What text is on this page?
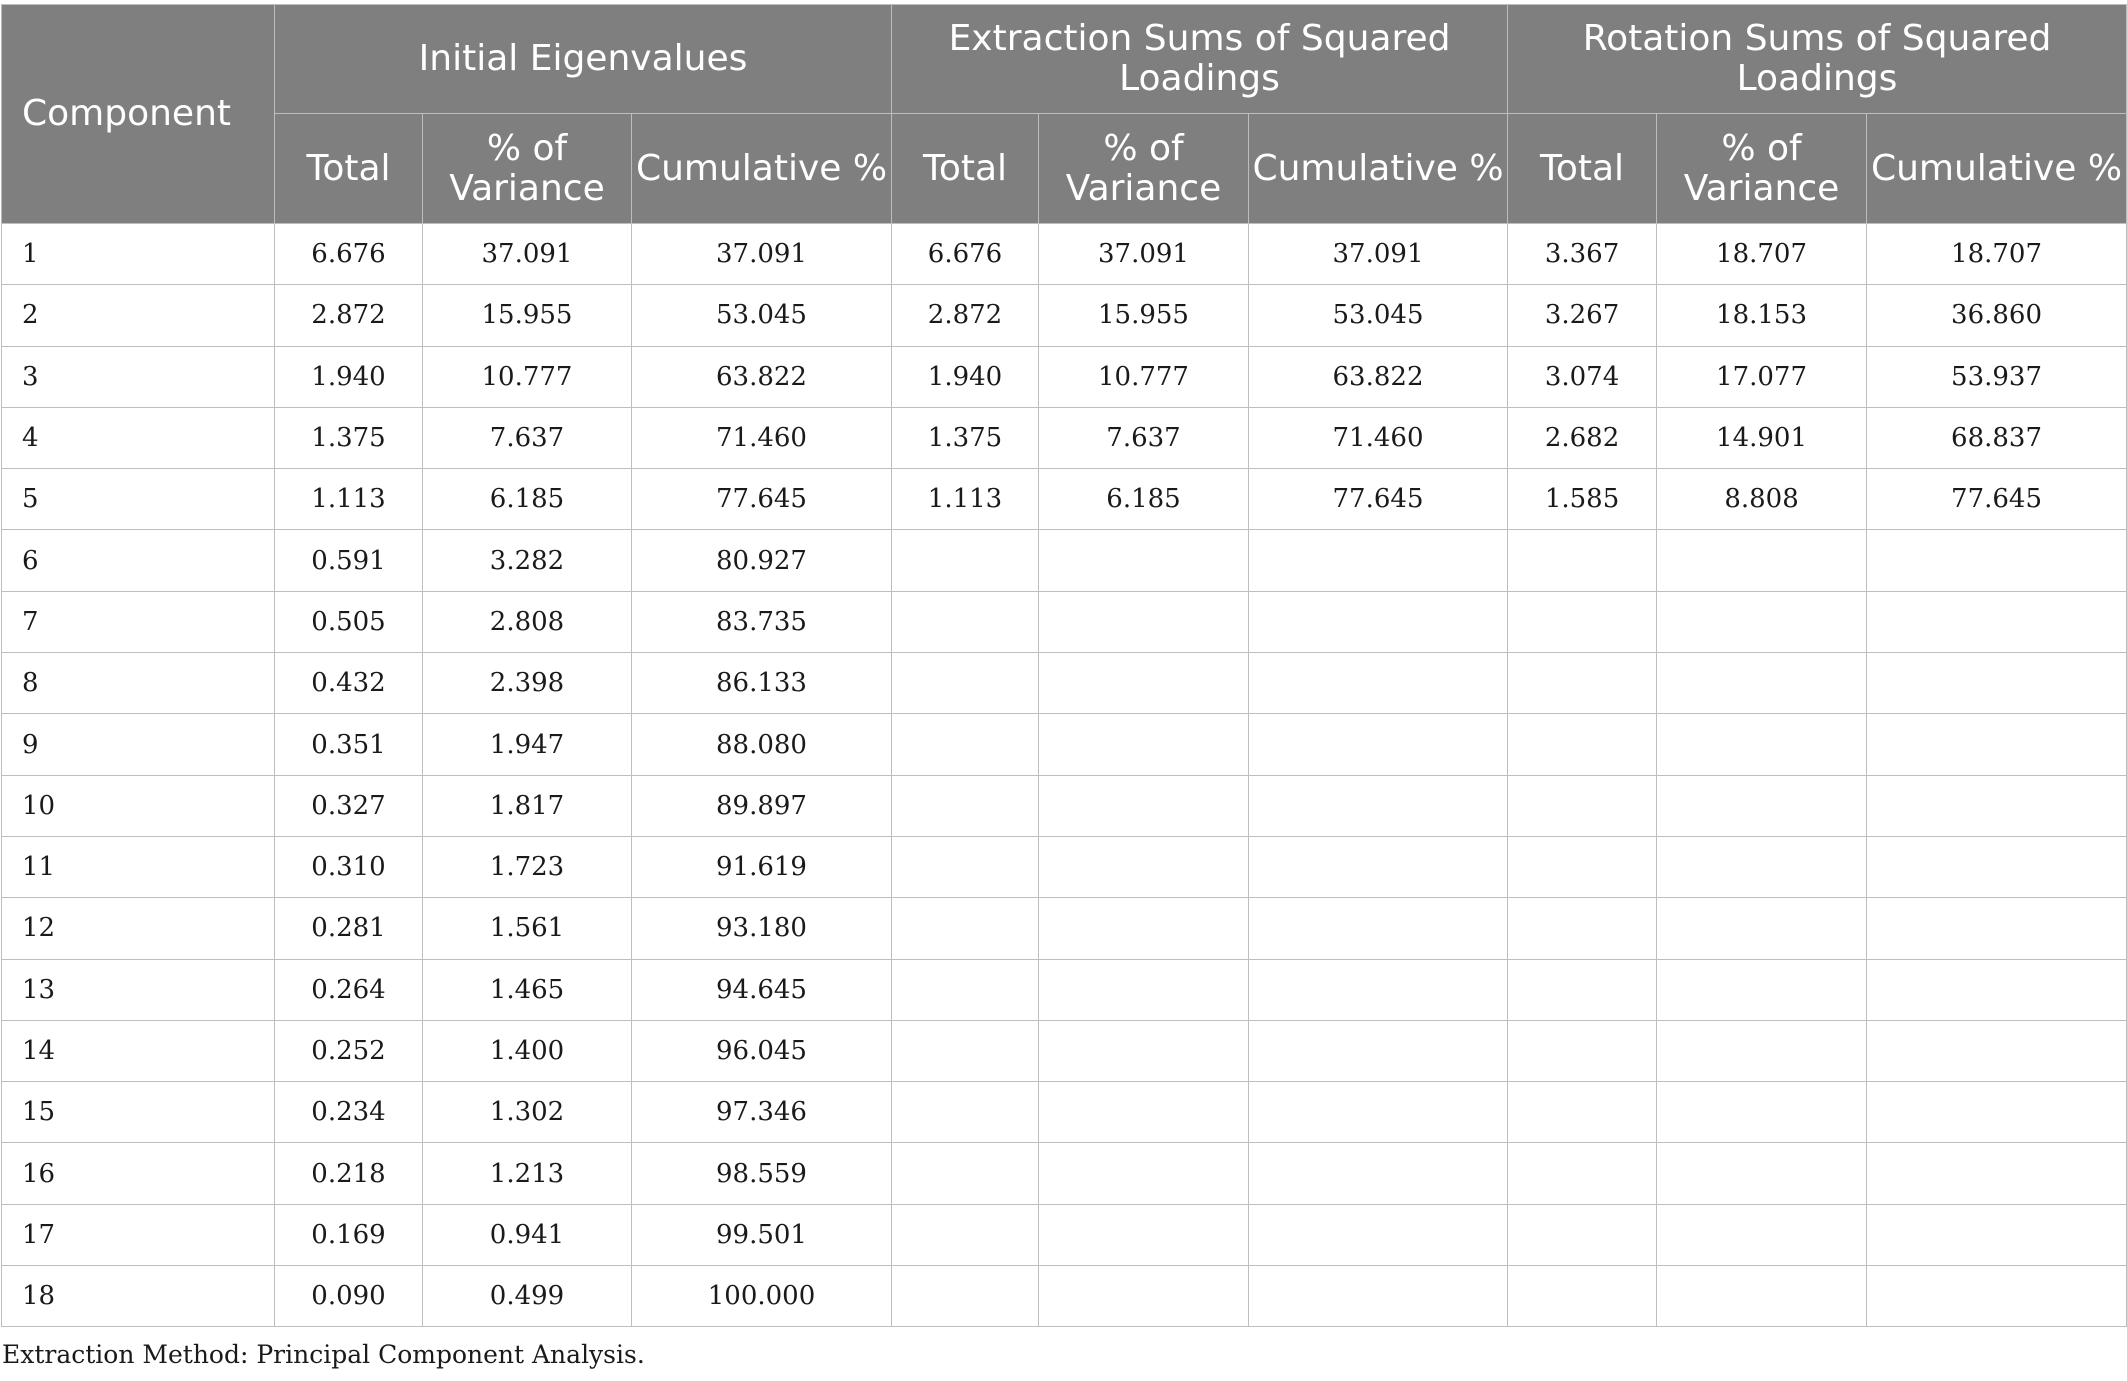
Component	Initial Eigenvalues			Extraction Sums of Squared Loadings			Rotation Sums of Squared Loadings		
	Total	% of Variance	Cumulative %	Total	% of Variance	Cumulative %	Total	% of Variance	Cumulative %
1	6.676	37.091	37.091	6.676	37.091	37.091	3.367	18.707	18.707
2	2.872	15.955	53.045	2.872	15.955	53.045	3.267	18.153	36.860
3	1.940	10.777	63.822	1.940	10.777	63.822	3.074	17.077	53.937
4	1.375	7.637	71.460	1.375	7.637	71.460	2.682	14.901	68.837
5	1.113	6.185	77.645	1.113	6.185	77.645	1.585	8.808	77.645
6	0.591	3.282	80.927						
7	0.505	2.808	83.735						
8	0.432	2.398	86.133						
9	0.351	1.947	88.080						
10	0.327	1.817	89.897						
11	0.310	1.723	91.619						
12	0.281	1.561	93.180						
13	0.264	1.465	94.645						
14	0.252	1.400	96.045						
15	0.234	1.302	97.346						
16	0.218	1.213	98.559						
17	0.169	0.941	99.501						
18	0.090	0.499	100.000						

Extraction Method: Principal Component Analysis.
